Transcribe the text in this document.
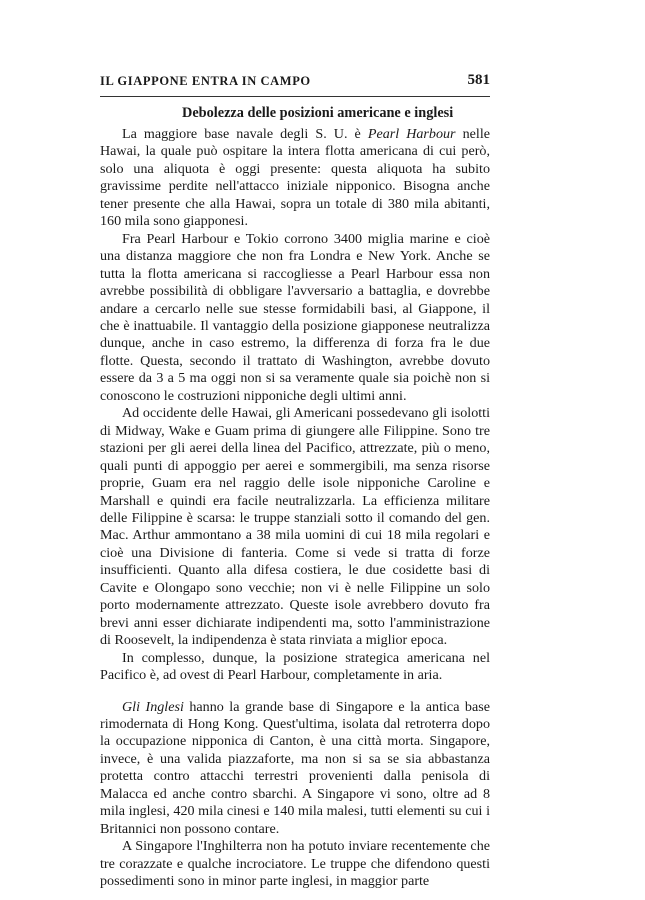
IL GIAPPONE ENTRA IN CAMPO	581
Debolezza delle posizioni americane e inglesi

La maggiore base navale degli S. U. è Pearl Harbour nelle Hawai, la quale può ospitare la intera flotta americana di cui però, solo una aliquota è oggi presente: questa aliquota ha subito gravissime perdite nell'attacco iniziale nipponico. Bisogna anche tener presente che alla Hawai, sopra un totale di 380 mila abitanti, 160 mila sono giapponesi.

Fra Pearl Harbour e Tokio corrono 3400 miglia marine e cioè una distanza maggiore che non fra Londra e New York. Anche se tutta la flotta americana si raccogliesse a Pearl Harbour essa non avrebbe possibilità di obbligare l'avversario a battaglia, e dovrebbe andare a cercarlo nelle sue stesse formidabili basi, al Giappone, il che è inattuabile. Il vantaggio della posizione giapponese neutralizza dunque, anche in caso estremo, la differenza di forza fra le due flotte. Questa, secondo il trattato di Washington, avrebbe dovuto essere da 3 a 5 ma oggi non si sa veramente quale sia poichè non si conoscono le costruzioni nipponiche degli ultimi anni.

Ad occidente delle Hawai, gli Americani possedevano gli isolotti di Midway, Wake e Guam prima di giungere alle Filippine. Sono tre stazioni per gli aerei della linea del Pacifico, attrezzate, più o meno, quali punti di appoggio per aerei e sommergibili, ma senza risorse proprie, Guam era nel raggio delle isole nipponiche Caroline e Marshall e quindi era facile neutralizzarla. La efficienza militare delle Filippine è scarsa: le truppe stanziali sotto il comando del gen. Mac. Arthur ammontano a 38 mila uomini di cui 18 mila regolari e cioè una Divisione di fanteria. Come si vede si tratta di forze insufficienti. Quanto alla difesa costiera, le due cosidette basi di Cavite e Olongapo sono vecchie; non vi è nelle Filippine un solo porto modernamente attrezzato. Queste isole avrebbero dovuto fra brevi anni esser dichiarate indipendenti ma, sotto l'amministrazione di Roosevelt, la indipendenza è stata rinviata a miglior epoca.

In complesso, dunque, la posizione strategica americana nel Pacifico è, ad ovest di Pearl Harbour, completamente in aria.

Gli Inglesi hanno la grande base di Singapore e la antica base rimodernata di Hong Kong. Quest'ultima, isolata dal retroterra dopo la occupazione nipponica di Canton, è una città morta. Singapore, invece, è una valida piazzaforte, ma non si sa se sia abbastanza protetta contro attacchi terrestri provenienti dalla penisola di Malacca ed anche contro sbarchi. A Singapore vi sono, oltre ad 8 mila inglesi, 420 mila cinesi e 140 mila malesi, tutti elementi su cui i Britannici non possono contare.

A Singapore l'Inghilterra non ha potuto inviare recentemente che tre corazzate e qualche incrociatore. Le truppe che difendono questi possedimenti sono in minor parte inglesi, in maggior parte
